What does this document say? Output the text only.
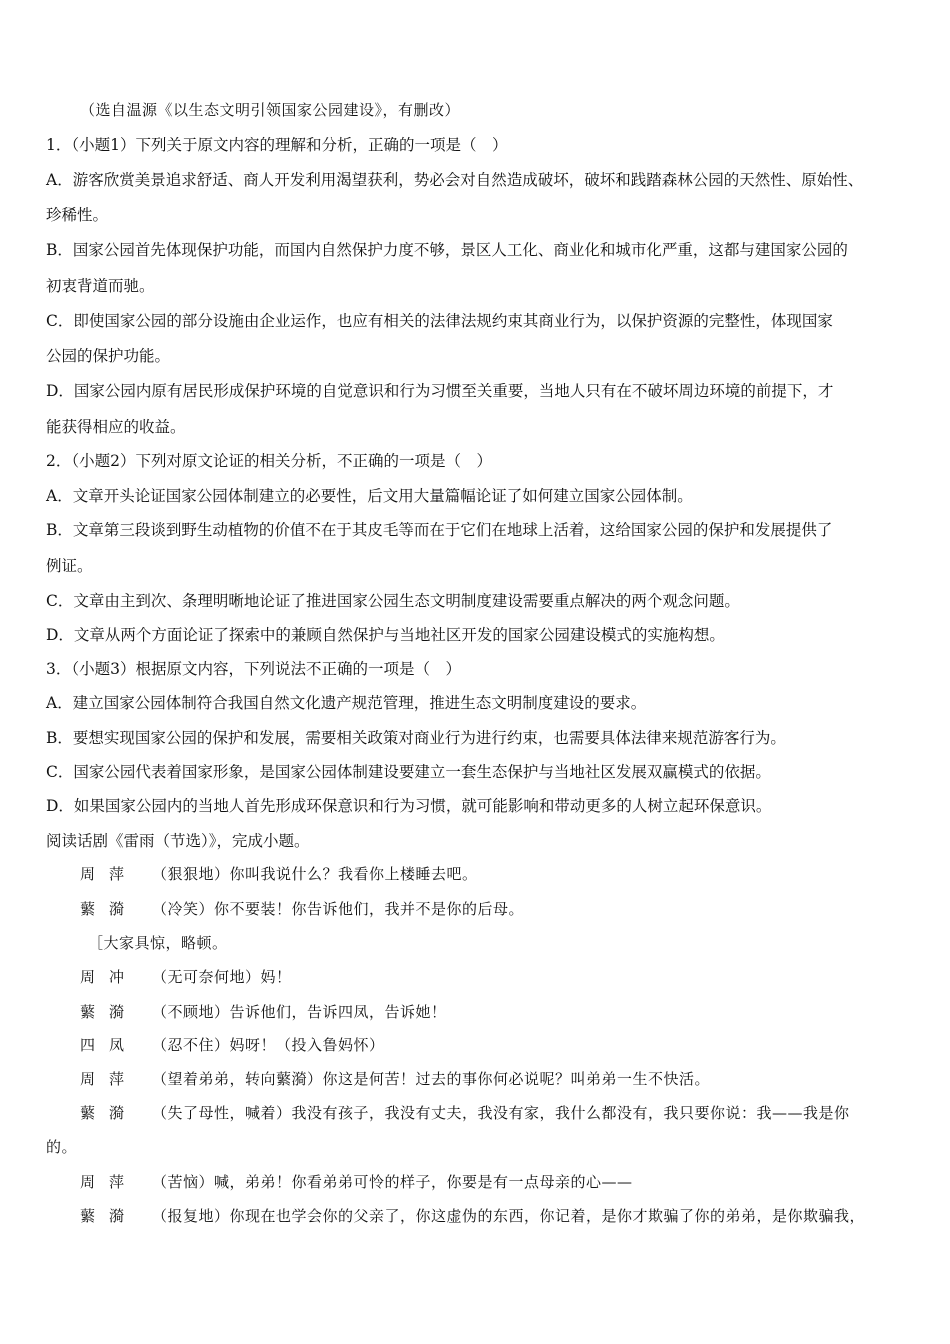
（选自温源《以生态文明引领国家公园建设》，有删改）
1．（小题1）下列关于原文内容的理解和分析，正确的一项是（　）
A．游客欣赏美景追求舒适、商人开发利用渴望获利，势必会对自然造成破坏，破坏和践踏森林公园的天然性、原始性、
珍稀性。
B．国家公园首先体现保护功能，而国内自然保护力度不够，景区人工化、商业化和城市化严重，这都与建国家公园的
初衷背道而驰。
C．即使国家公园的部分设施由企业运作，也应有相关的法律法规约束其商业行为，以保护资源的完整性，体现国家
公园的保护功能。
D．国家公园内原有居民形成保护环境的自觉意识和行为习惯至关重要，当地人只有在不破坏周边环境的前提下，才
能获得相应的收益。
2．（小题2）下列对原文论证的相关分析，不正确的一项是（　）
A．文章开头论证国家公园体制建立的必要性，后文用大量篇幅论证了如何建立国家公园体制。
B．文章第三段谈到野生动植物的价值不在于其皮毛等而在于它们在地球上活着，这给国家公园的保护和发展提供了
例证。
C．文章由主到次、条理明晰地论证了推进国家公园生态文明制度建设需要重点解决的两个观念问题。
D．文章从两个方面论证了探索中的兼顾自然保护与当地社区开发的国家公园建设模式的实施构想。
3．（小题3）根据原文内容，下列说法不正确的一项是（　）
A．建立国家公园体制符合我国自然文化遗产规范管理，推进生态文明制度建设的要求。
B．要想实现国家公园的保护和发展，需要相关政策对商业行为进行约束，也需要具体法律来规范游客行为。
C．国家公园代表着国家形象，是国家公园体制建设要建立一套生态保护与当地社区发展双赢模式的依据。
D．如果国家公园内的当地人首先形成环保意识和行为习惯，就可能影响和带动更多的人树立起环保意识。
阅读话剧《雷雨（节选）》，完成小题。
周萍 （狠狠地）你叫我说什么？我看你上楼睡去吧。
蘩漪 （冷笑）你不要装！你告诉他们，我并不是你的后母。
［大家具惊，略顿。
周冲 （无可奈何地）妈！
蘩漪 （不顾地）告诉他们，告诉四凤，告诉她！
四凤 （忍不住）妈呀！（投入鲁妈怀）
周萍 （望着弟弟，转向蘩漪）你这是何苦！过去的事你何必说呢？叫弟弟一生不快活。
蘩漪 （失了母性，喊着）我没有孩子，我没有丈夫，我没有家，我什么都没有，我只要你说：我——我是你
的。
周萍 （苦恼）喊，弟弟！你看弟弟可怜的样子，你要是有一点母亲的心——
蘩漪 （报复地）你现在也学会你的父亲了，你这虚伪的东西，你记着，是你才欺骗了你的弟弟，是你欺骗我，
